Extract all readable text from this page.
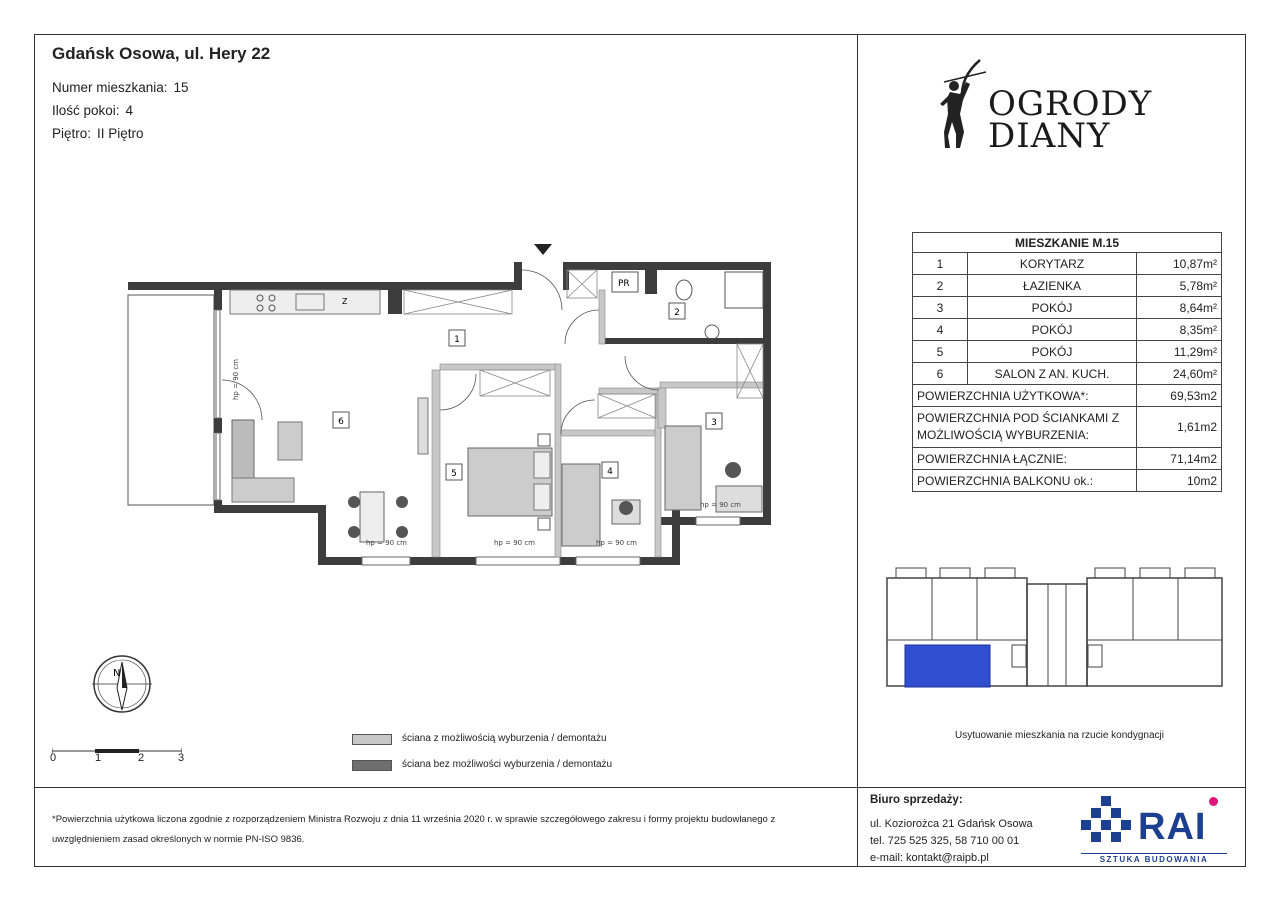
Gdańsk Osowa, ul. Hery 22
Numer mieszkania: 15
Ilość pokoi: 4
Piętro: II Piętro
OGRODY
DIANY
MIESZKANIE M.15		
1	KORYTARZ	10,87m²
2	ŁAZIENKA	5,78m²
3	POKÓJ	8,64m²
4	POKÓJ	8,35m²
5	POKÓJ	11,29m²
6	SALON Z AN. KUCH.	24,60m²
POWIERZCHNIA UŻYTKOWA*:		69,53m2
POWIERZCHNIA POD ŚCIANKAMI Z MOŻLIWOŚCIĄ WYBURZENIA:		1,61m2
POWIERZCHNIA ŁĄCZNIE:		71,14m2
POWIERZCHNIA BALKONU ok.:		10m2
Z
PR
1
2
3
4
5
6
hp = 90 cm	hp = 90 cm	hp = 90 cm
hp = 90 cm
hp = 90 cm
N
0	1	2	3
ściana z możliwością wyburzenia / demontażu
ściana bez możliwości wyburzenia / demontażu
Usytuowanie mieszkania na rzucie kondygnacji
*Powierzchnia użytkowa liczona zgodnie z rozporządzeniem Ministra Rozwoju z dnia 11 września 2020 r. w sprawie szczegółowego zakresu i formy projektu budowlanego z uwzględnieniem zasad określonych w normie PN-ISO 9836.
Biuro sprzedaży:
ul. Koziorożca 21 Gdańsk Osowa
tel. 725 525 325, 58 710 00 01
e-mail: kontakt@raipb.pl
RAI
SZTUKA BUDOWANIA
